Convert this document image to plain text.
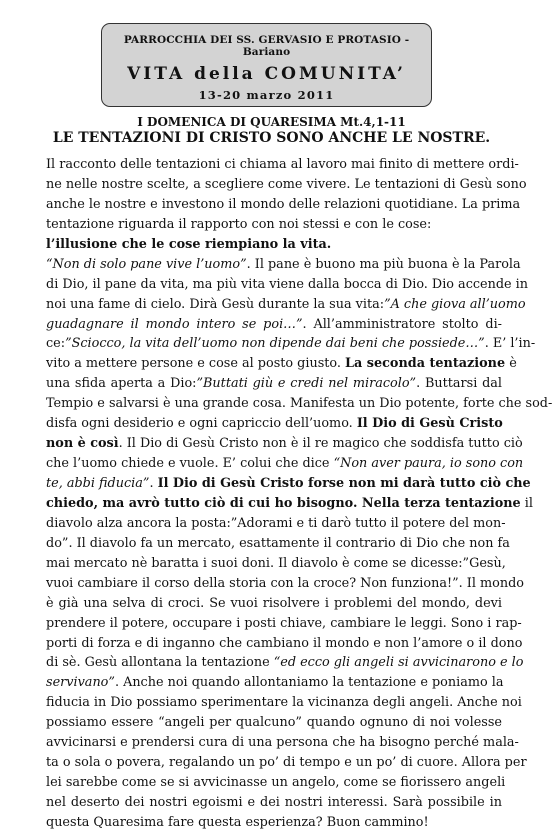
PARROCCHIA DEI SS. GERVASIO E PROTASIO - Bariano
VITA della COMUNITA’
13-20 marzo 2011
I DOMENICA DI QUARESIMA Mt.4,1-11
LE TENTAZIONI DI CRISTO SONO ANCHE LE NOSTRE.
Il racconto delle tentazioni ci chiama al lavoro mai finito di mettere ordi-
ne nelle nostre scelte, a scegliere come vivere. Le tentazioni di Gesù sono
anche le nostre e investono il mondo delle relazioni quotidiane. La prima
tentazione riguarda il rapporto con noi stessi e con le cose:
l’illusione che le cose riempiano la vita.
“Non di solo pane vive l’uomo”. Il pane è buono ma più buona è la Parola
di Dio, il pane da vita, ma più vita viene dalla bocca di Dio. Dio accende in
noi una fame di cielo. Dirà Gesù durante la sua vita:”A che giova all’uomo
guadagnare il mondo intero se poi…”. All’amministratore stolto di-
ce:”Sciocco, la vita dell’uomo non dipende dai beni che possiede…”. E’ l’in-
vito a mettere persone e cose al posto giusto. La seconda tentazione è
una sfida aperta a Dio:”Buttati giù e credi nel miracolo”. Buttarsi dal
Tempio e salvarsi è una grande cosa. Manifesta un Dio potente, forte che sod-
disfa ogni desiderio e ogni capriccio dell’uomo. Il Dio di Gesù Cristo
non è così. Il Dio di Gesù Cristo non è il re magico che soddisfa tutto ciò
che l’uomo chiede e vuole. E’ colui che dice “Non aver paura, io sono con
te, abbi fiducia”. Il Dio di Gesù Cristo forse non mi darà tutto ciò che
chiedo, ma avrò tutto ciò di cui ho bisogno. Nella terza tentazione il
diavolo alza ancora la posta:”Adorami e ti darò tutto il potere del mon-
do”. Il diavolo fa un mercato, esattamente il contrario di Dio che non fa
mai mercato nè baratta i suoi doni. Il diavolo è come se dicesse:”Gesù,
vuoi cambiare il corso della storia con la croce? Non funziona!”. Il mondo
è già una selva di croci. Se vuoi risolvere i problemi del mondo, devi
prendere il potere, occupare i posti chiave, cambiare le leggi. Sono i rap-
porti di forza e di inganno che cambiano il mondo e non l’amore o il dono
di sè. Gesù allontana la tentazione “ed ecco gli angeli si avvicinarono e lo
servivano”. Anche noi quando allontaniamo la tentazione e poniamo la
fiducia in Dio possiamo sperimentare la vicinanza degli angeli. Anche noi
possiamo essere “angeli per qualcuno” quando ognuno di noi volesse
avvicinarsi e prendersi cura di una persona che ha bisogno perché mala-
ta o sola o povera, regalando un po’ di tempo e un po’ di cuore. Allora per
lei sarebbe come se si avvicinasse un angelo, come se fiorissero angeli
nel deserto dei nostri egoismi e dei nostri interessi. Sarà possibile in
questa Quaresima fare questa esperienza? Buon cammino!
